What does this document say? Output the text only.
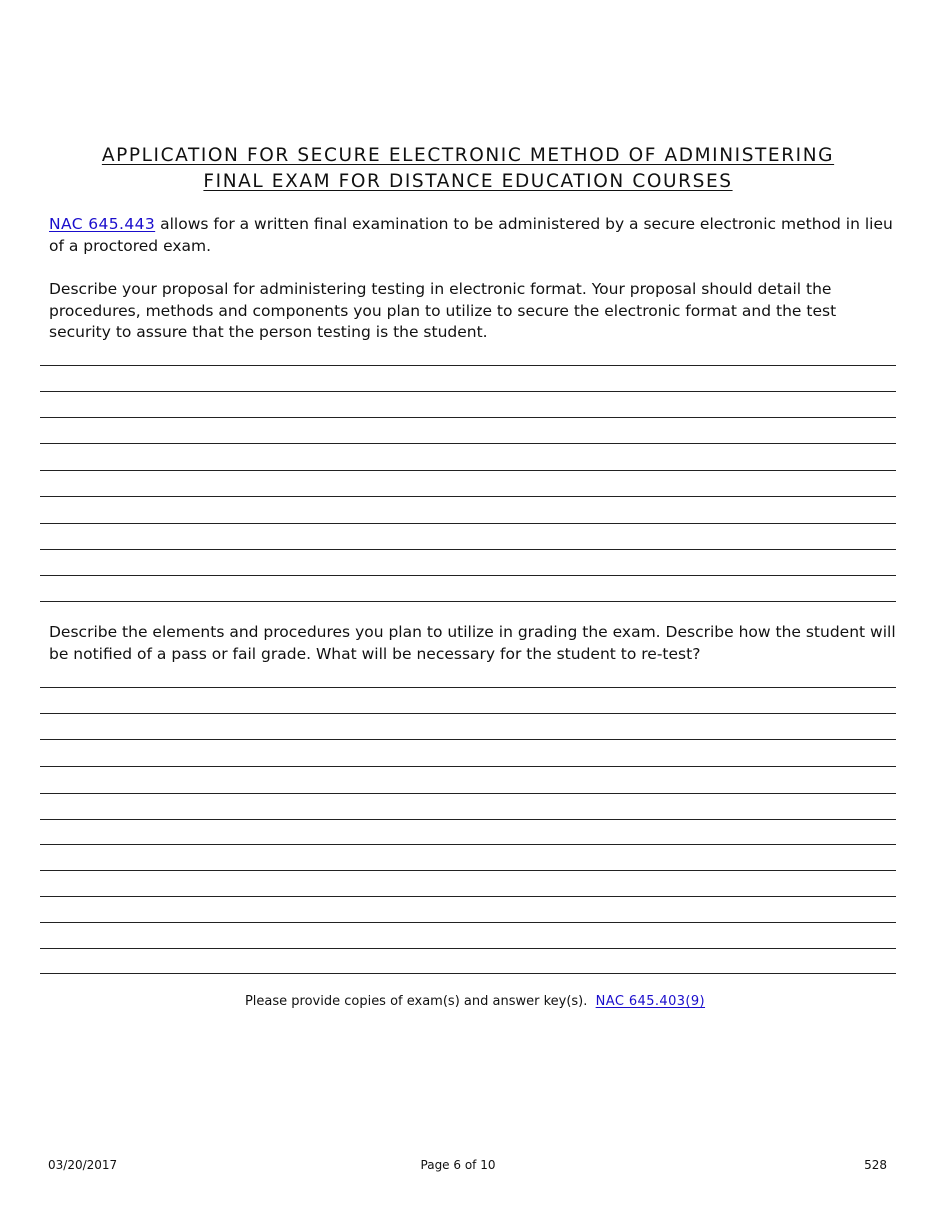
APPLICATION FOR SECURE ELECTRONIC METHOD OF ADMINISTERING
FINAL EXAM FOR DISTANCE EDUCATION COURSES

NAC 645.443 allows for a written final examination to be administered by a secure electronic method in lieu of a proctored exam.

Describe your proposal for administering testing in electronic format. Your proposal should detail the procedures, methods and components you plan to utilize to secure the electronic format and the test security to assure that the person testing is the student.

Describe the elements and procedures you plan to utilize in grading the exam. Describe how the student will be notified of a pass or fail grade. What will be necessary for the student to re-test?

Please provide copies of exam(s) and answer key(s).  NAC 645.403(9)
03/20/2017	Page 6 of 10	528
